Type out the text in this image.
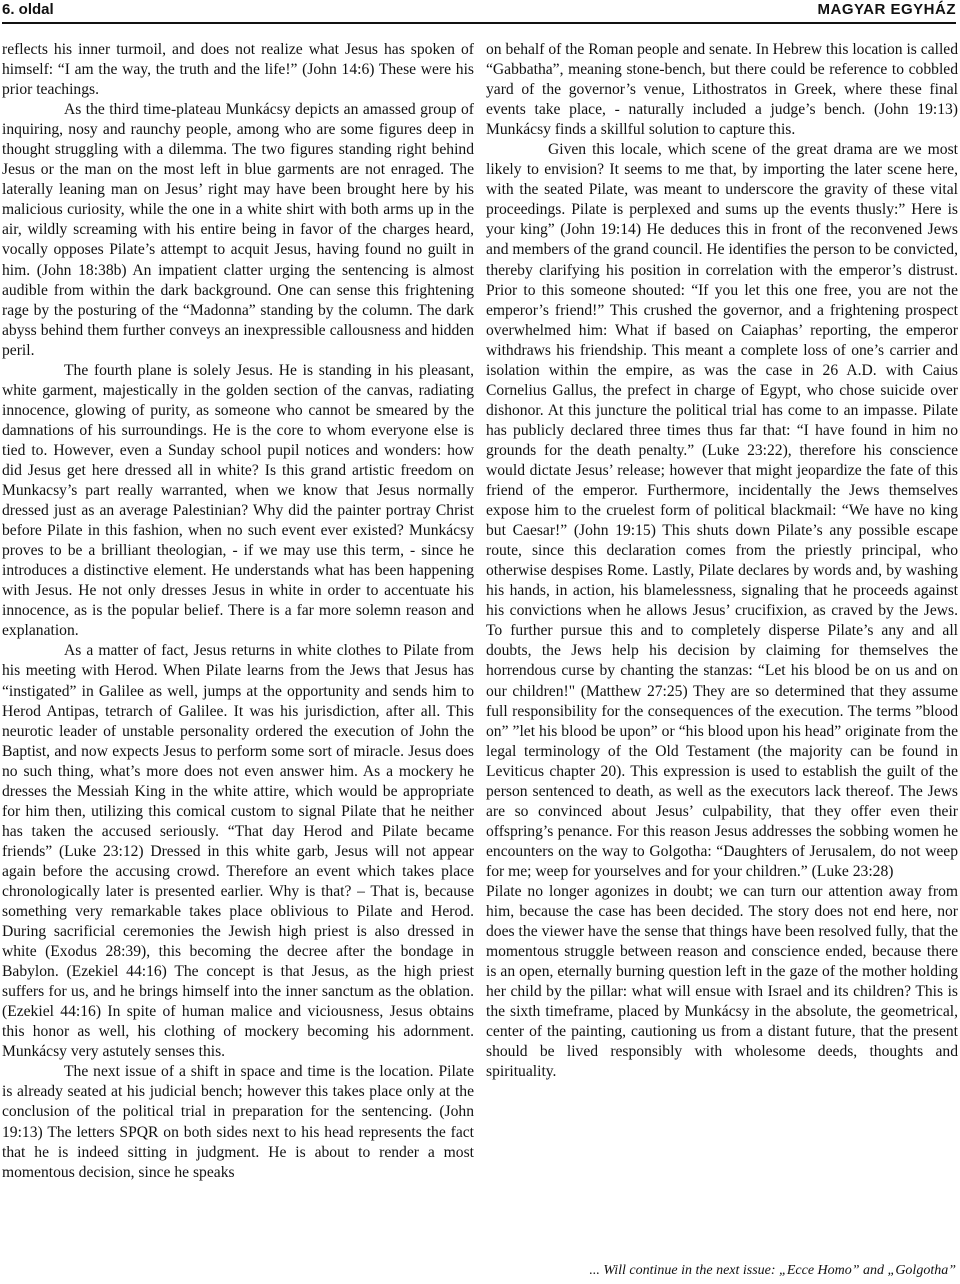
6. oldal	MAGYAR EGYHÁZ

reflects his inner turmoil, and does not realize what Jesus has spoken of himself: “I am the way, the truth and the life!” (John 14:6) These were his prior teachings.

As the third time-plateau Munkácsy depicts an amassed group of inquiring, nosy and raunchy people, among who are some figures deep in thought struggling with a dilemma. The two figures standing right behind Jesus or the man on the most left in blue garments are not enraged. The laterally leaning man on Jesus’ right may have been brought here by his malicious curiosity, while the one in a white shirt with both arms up in the air, wildly screaming with his entire being in favor of the charges heard, vocally opposes Pilate’s attempt to acquit Jesus, having found no guilt in him. (John 18:38b) An impatient clatter urging the sentencing is almost audible from within the dark background. One can sense this frightening rage by the posturing of the “Madonna” standing by the column. The dark abyss behind them further conveys an inexpressible callousness and hidden peril.

The fourth plane is solely Jesus. He is standing in his pleasant, white garment, majestically in the golden section of the canvas, radiating innocence, glowing of purity, as someone who cannot be smeared by the damnations of his surroundings. He is the core to whom everyone else is tied to. However, even a Sunday school pupil notices and wonders: how did Jesus get here dressed all in white? Is this grand artistic freedom on Munkacsy’s part really warranted, when we know that Jesus normally dressed just as an average Palestinian? Why did the painter portray Christ before Pilate in this fashion, when no such event ever existed? Munkácsy proves to be a brilliant theologian, - if we may use this term, - since he introduces a distinctive element. He understands what has been happening with Jesus. He not only dresses Jesus in white in order to accentuate his innocence, as is the popular belief. There is a far more solemn reason and explanation.

As a matter of fact, Jesus returns in white clothes to Pilate from his meeting with Herod. When Pilate learns from the Jews that Jesus has “instigated” in Galilee as well, jumps at the opportunity and sends him to Herod Antipas, tetrarch of Galilee. It was his jurisdiction, after all. This neurotic leader of unstable personality ordered the execution of John the Baptist, and now expects Jesus to perform some sort of miracle. Jesus does no such thing, what’s more does not even answer him. As a mockery he dresses the Messiah King in the white attire, which would be appropriate for him then, utilizing this comical custom to signal Pilate that he neither has taken the accused seriously. “That day Herod and Pilate became friends” (Luke 23:12) Dressed in this white garb, Jesus will not appear again before the accusing crowd. Therefore an event which takes place chronologically later is presented earlier. Why is that? – That is, because something very remarkable takes place oblivious to Pilate and Herod. During sacrificial ceremonies the Jewish high priest is also dressed in white (Exodus 28:39), this becoming the decree after the bondage in Babylon. (Ezekiel 44:16) The concept is that Jesus, as the high priest suffers for us, and he brings himself into the inner sanctum as the oblation. (Ezekiel 44:16) In spite of human malice and viciousness, Jesus obtains this honor as well, his clothing of mockery becoming his adornment. Munkácsy very astutely senses this.

The next issue of a shift in space and time is the location. Pilate is already seated at his judicial bench; however this takes place only at the conclusion of the political trial in preparation for the sentencing. (John 19:13) The letters SPQR on both sides next to his head represents the fact that he is indeed sitting in judgment. He is about to render a most momentous decision, since he speaks

on behalf of the Roman people and senate. In Hebrew this location is called “Gabbatha”, meaning stone-bench, but there could be reference to cobbled yard of the governor’s venue, Lithostratos in Greek, where these final events take place, - naturally included a judge’s bench. (John 19:13) Munkácsy finds a skillful solution to capture this.

Given this locale, which scene of the great drama are we most likely to envision? It seems to me that, by importing the later scene here, with the seated Pilate, was meant to underscore the gravity of these vital proceedings. Pilate is perplexed and sums up the events thusly:” Here is your king” (John 19:14) He deduces this in front of the reconvened Jews and members of the grand council. He identifies the person to be convicted, thereby clarifying his position in correlation with the emperor’s distrust. Prior to this someone shouted: “If you let this one free, you are not the emperor’s friend!” This crushed the governor, and a frightening prospect overwhelmed him: What if based on Caiaphas’ reporting, the emperor withdraws his friendship. This meant a complete loss of one’s carrier and isolation within the empire, as was the case in 26 A.D. with Caius Cornelius Gallus, the prefect in charge of Egypt, who chose suicide over dishonor. At this juncture the political trial has come to an impasse. Pilate has publicly declared three times thus far that: “I have found in him no grounds for the death penalty.” (Luke 23:22), therefore his conscience would dictate Jesus’ release; however that might jeopardize the fate of this friend of the emperor. Furthermore, incidentally the Jews themselves expose him to the cruelest form of political blackmail: “We have no king but Caesar!” (John 19:15) This shuts down Pilate’s any possible escape route, since this declaration comes from the priestly principal, who otherwise despises Rome. Lastly, Pilate declares by words and, by washing his hands, in action, his blamelessness, signaling that he proceeds against his convictions when he allows Jesus’ crucifixion, as craved by the Jews. To further pursue this and to completely disperse Pilate’s any and all doubts, the Jews help his decision by claiming for themselves the horrendous curse by chanting the stanzas: “Let his blood be on us and on our children!" (Matthew 27:25) They are so determined that they assume full responsibility for the consequences of the execution. The terms ”blood on” ”let his blood be upon” or “his blood upon his head” originate from the legal terminology of the Old Testament (the majority can be found in Leviticus chapter 20). This expression is used to establish the guilt of the person sentenced to death, as well as the executors lack thereof. The Jews are so convinced about Jesus’ culpability, that they offer even their offspring’s penance. For this reason Jesus addresses the sobbing women he encounters on the way to Golgotha: “Daughters of Jerusalem, do not weep for me; weep for yourselves and for your children.” (Luke 23:28)

Pilate no longer agonizes in doubt; we can turn our attention away from him, because the case has been decided. The story does not end here, nor does the viewer have the sense that things have been resolved fully, that the momentous struggle between reason and conscience ended, because there is an open, eternally burning question left in the gaze of the mother holding her child by the pillar: what will ensue with Israel and its children? This is the sixth timeframe, placed by Munkácsy in the absolute, the geometrical, center of the painting, cautioning us from a distant future, that the present should be lived responsibly with wholesome deeds, thoughts and spirituality.

... Will continue in the next issue: „Ecce Homo” and „Golgotha”
